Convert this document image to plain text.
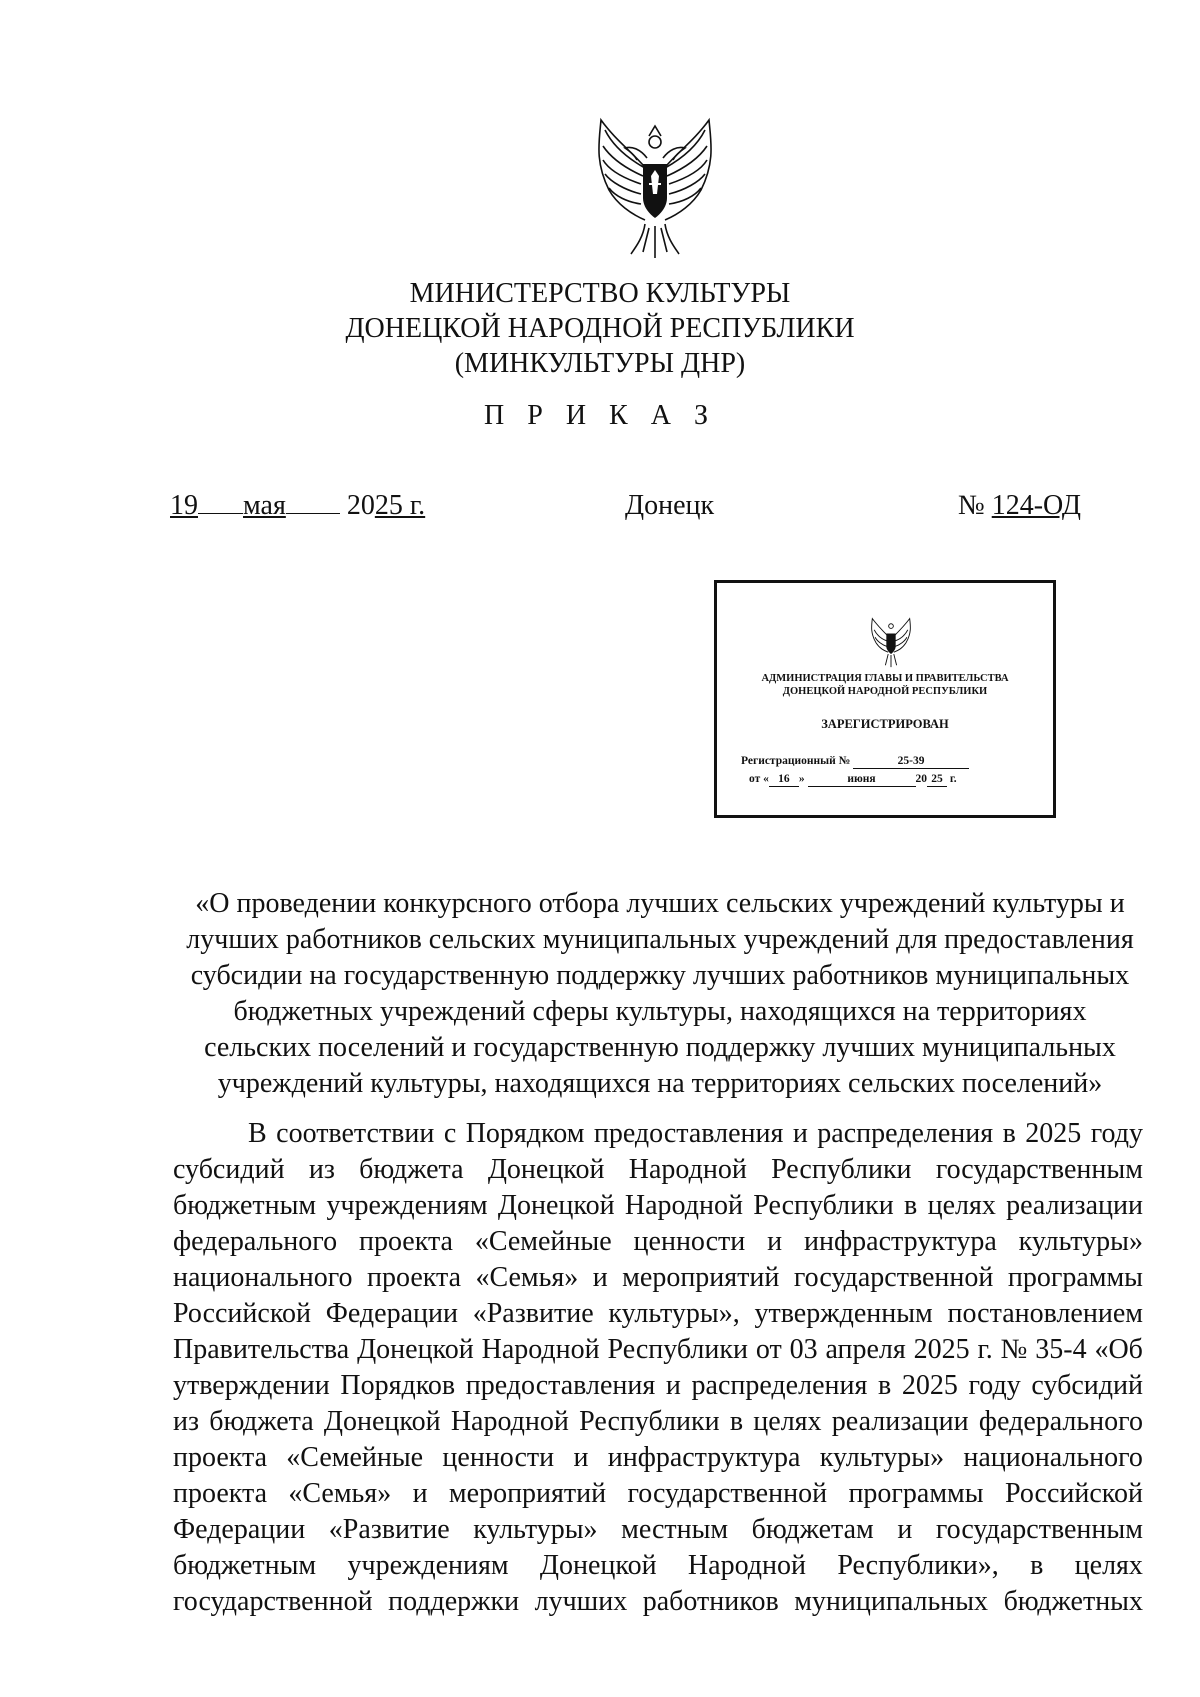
МИНИСТЕРСТВО КУЛЬТУРЫ
ДОНЕЦКОЙ НАРОДНОЙ РЕСПУБЛИКИ
(МИНКУЛЬТУРЫ ДНР)
П Р И К А З
19 мая 2025 г.	Донецк	№ 124-ОД
АДМИНИСТРАЦИЯ ГЛАВЫ И ПРАВИТЕЛЬСТВА
ДОНЕЦКОЙ НАРОДНОЙ РЕСПУБЛИКИ
ЗАРЕГИСТРИРОВАН
Регистрационный №	25-39
от « 16 »	июня	20 25 г.
«О проведении конкурсного отбора лучших сельских учреждений культуры и
лучших работников сельских муниципальных учреждений для предоставления
субсидии на государственную поддержку лучших работников муниципальных
бюджетных учреждений сферы культуры, находящихся на территориях
сельских поселений и государственную поддержку лучших муниципальных
учреждений культуры, находящихся на территориях сельских поселений»
В соответствии с Порядком предоставления и распределения в 2025 году
субсидий из бюджета Донецкой Народной Республики государственным
бюджетным учреждениям Донецкой Народной Республики в целях реализации
федерального проекта «Семейные ценности и инфраструктура культуры»
национального проекта «Семья» и мероприятий государственной программы
Российской Федерации «Развитие культуры», утвержденным постановлением
Правительства Донецкой Народной Республики от 03 апреля 2025 г. № 35-4 «Об
утверждении Порядков предоставления и распределения в 2025 году субсидий
из бюджета Донецкой Народной Республики в целях реализации федерального
проекта «Семейные ценности и инфраструктура культуры» национального
проекта «Семья» и мероприятий государственной программы Российской
Федерации «Развитие культуры» местным бюджетам и государственным
бюджетным учреждениям Донецкой Народной Республики», в целях
государственной поддержки лучших работников муниципальных бюджетных
